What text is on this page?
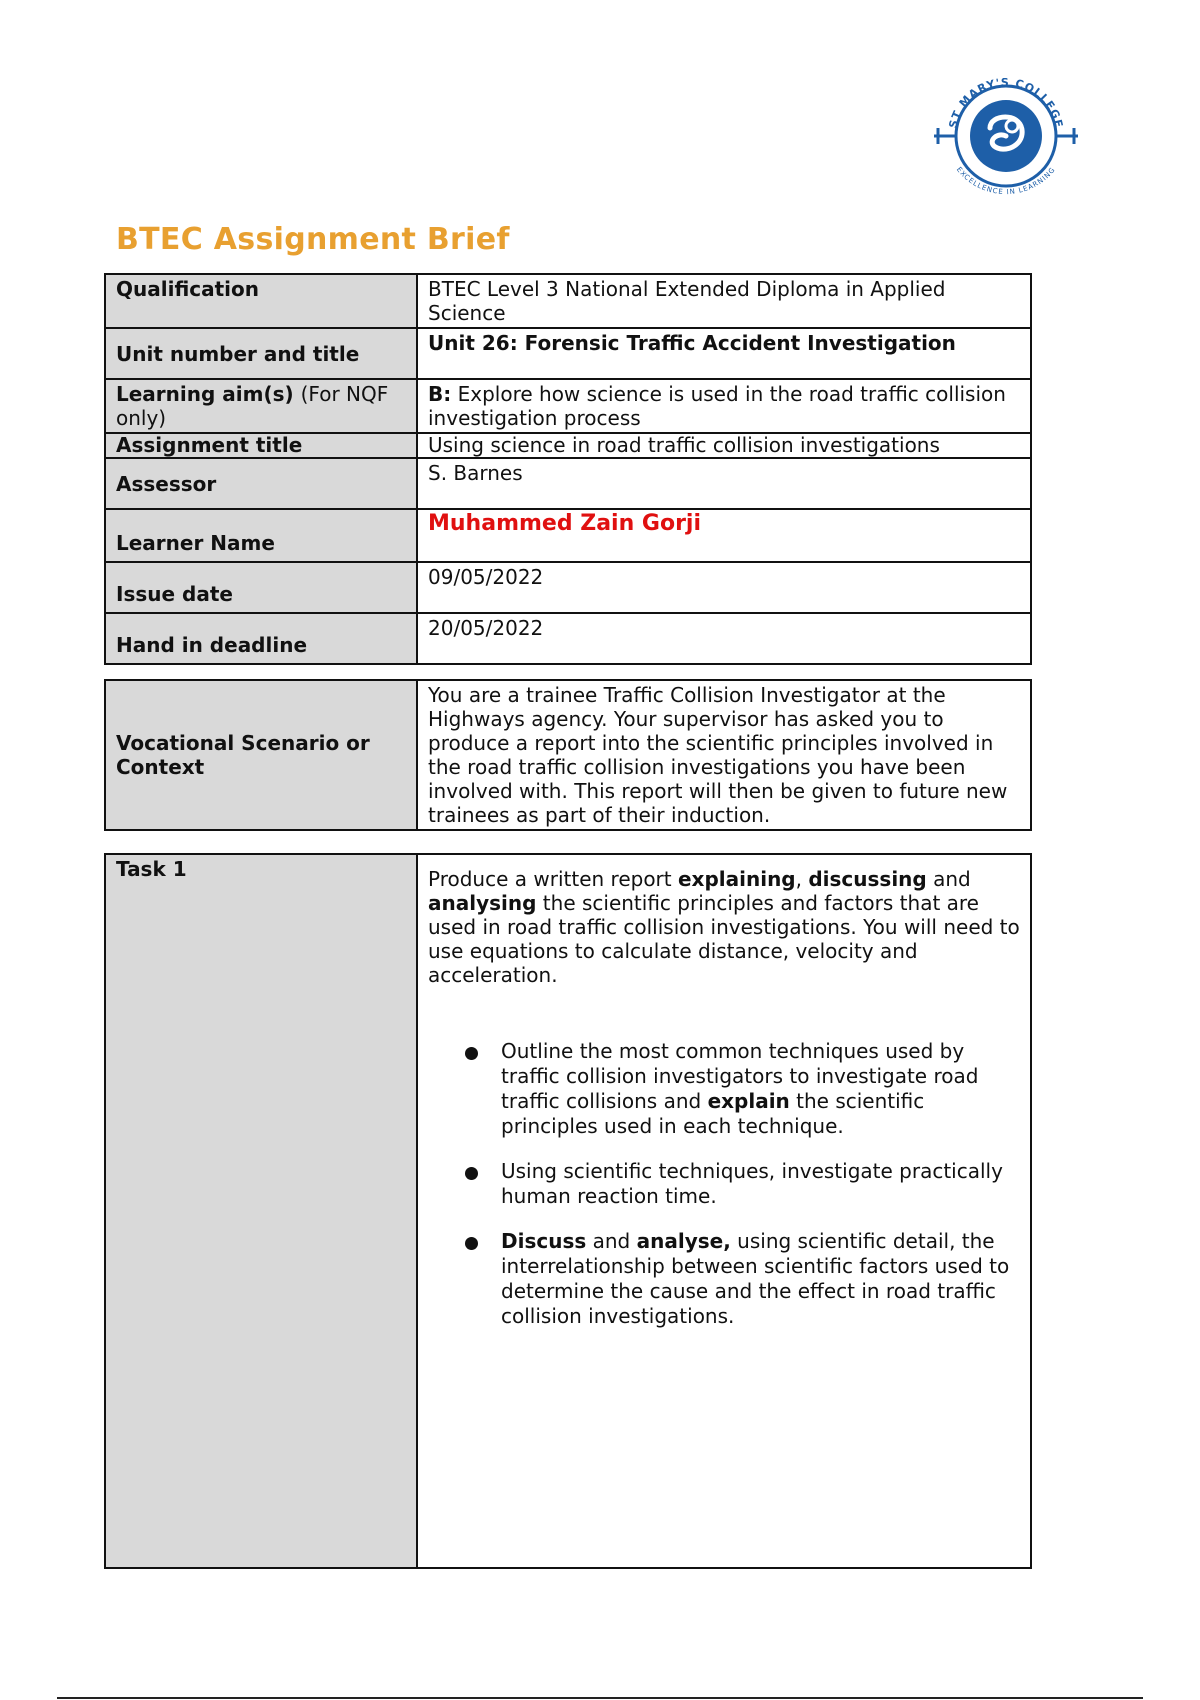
ST MARY'S COLLEGE
EXCELLENCE IN LEARNING
BTEC Assignment Brief
Qualification	BTEC Level 3 National Extended Diploma in Applied Science
Unit number and title	Unit 26: Forensic Traffic Accident Investigation
Learning aim(s) (For NQF only)	B: Explore how science is used in the road traffic collision investigation process
Assignment title	Using science in road traffic collision investigations
Assessor	S. Barnes
Learner Name	Muhammed Zain Gorji
Issue date	09/05/2022
Hand in deadline	20/05/2022
Vocational Scenario or Context	You are a trainee Traffic Collision Investigator at the Highways agency. Your supervisor has asked you to produce a report into the scientific principles involved in the road traffic collision investigations you have been involved with. This report will then be given to future new trainees as part of their induction.
Task 1	Produce a written report explaining, discussing and analysing the scientific principles and factors that are used in road traffic collision investigations. You will need to use equations to calculate distance, velocity and acceleration.

Outline the most common techniques used by traffic collision investigators to investigate road traffic collisions and explain the scientific principles used in each technique.
Using scientific techniques, investigate practically human reaction time.
Discuss and analyse, using scientific detail, the interrelationship between scientific factors used to determine the cause and the effect in road traffic collision investigations.
